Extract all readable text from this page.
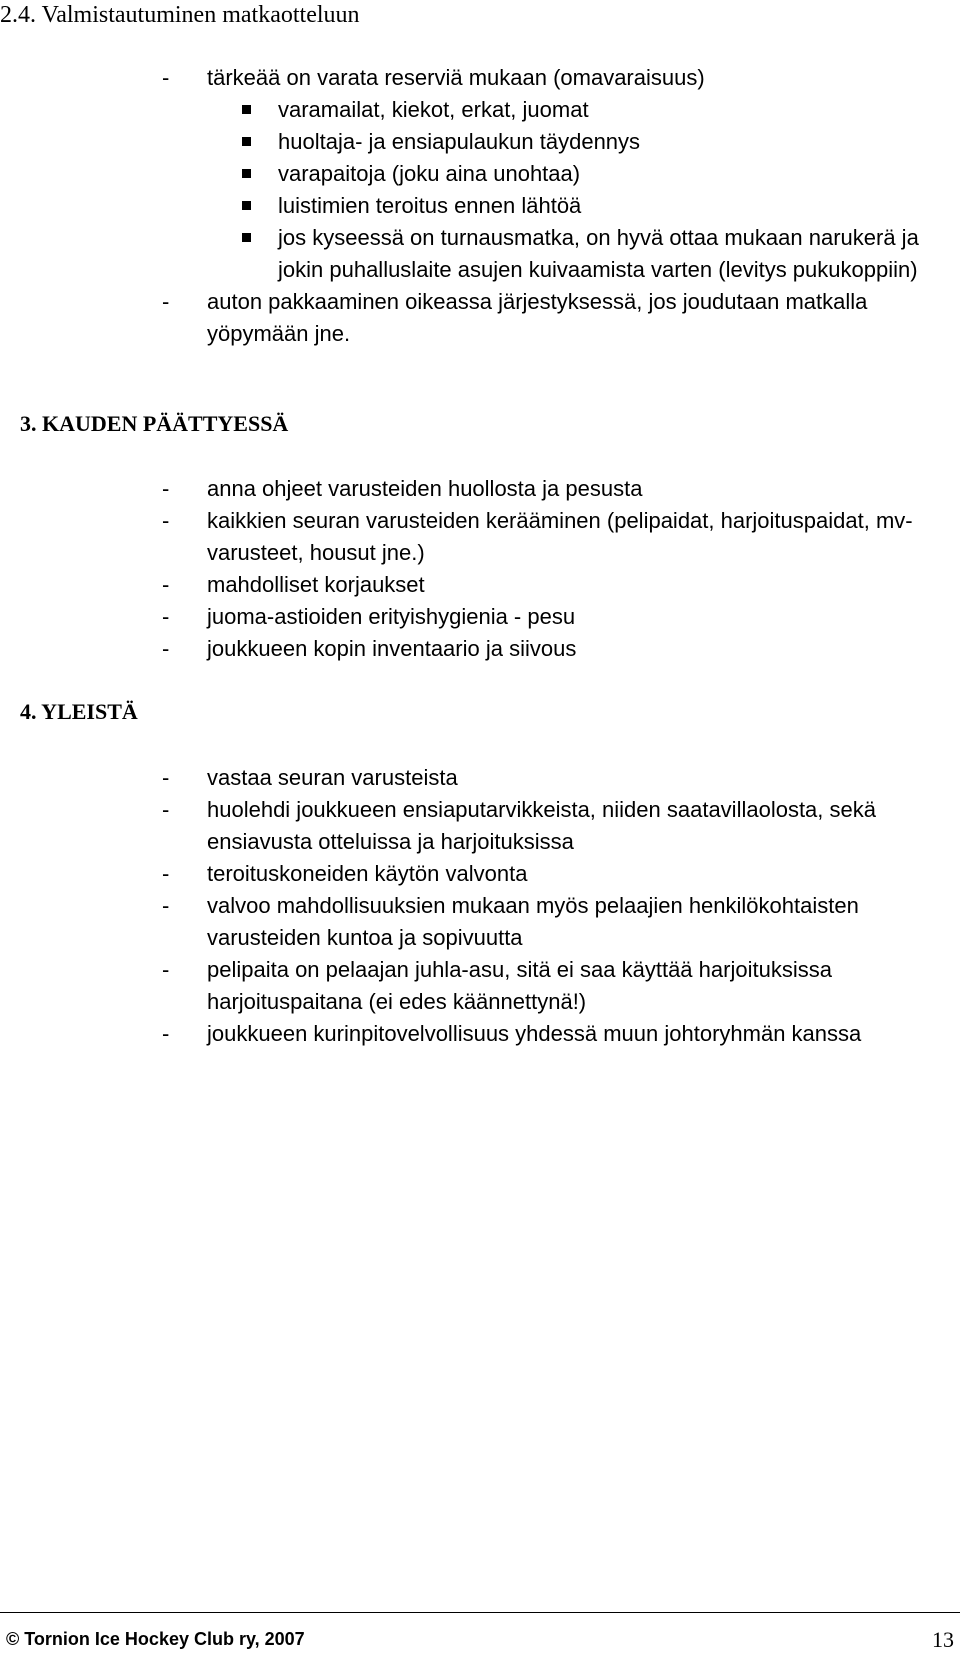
2.4. Valmistautuminen matkaotteluun
- tärkeää on varata reserviä mukaan (omavaraisuus)
varamailat, kiekot, erkat, juomat
huoltaja- ja ensiapulaukun täydennys
varapaitoja (joku aina unohtaa)
luistimien teroitus ennen lähtöä
jos kyseessä on turnausmatka, on hyvä ottaa mukaan narukerä ja jokin puhalluslaite asujen kuivaamista varten (levitys pukukoppiin)
- auton pakkaaminen oikeassa järjestyksessä, jos joudutaan matkalla yöpymään jne.
3. KAUDEN PÄÄTTYESSÄ
- anna ohjeet varusteiden huollosta ja pesusta
- kaikkien seuran varusteiden kerääminen (pelipaidat, harjoituspaidat, mv-varusteet, housut jne.)
- mahdolliset korjaukset
- juoma-astioiden erityishygienia - pesu
- joukkueen kopin inventaario ja siivous
4. YLEISTÄ
- vastaa seuran varusteista
- huolehdi joukkueen ensiaputarvikkeista, niiden saatavillaolosta, sekä ensiavusta otteluissa ja harjoituksissa
- teroituskoneiden käytön valvonta
- valvoo mahdollisuuksien mukaan myös pelaajien henkilökohtaisten varusteiden kuntoa ja sopivuutta
- pelipaita on pelaajan juhla-asu, sitä ei saa käyttää harjoituksissa harjoituspaitana (ei edes käännettynä!)
- joukkueen kurinpitovelvollisuus yhdessä muun johtoryhmän kanssa
© Tornion Ice Hockey Club ry, 2007	13
